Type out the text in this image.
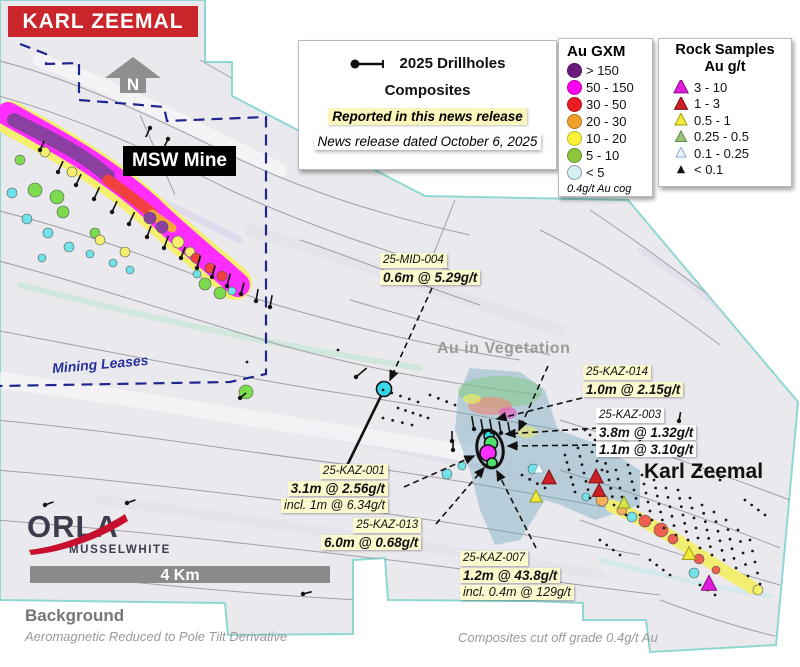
N
4 Km
KARL ZEEMAL
2025 Drillholes
Composites
Reported in this news release
News release dated October 6, 2025
Au GXM
> 150
50 - 150
30 - 50
20 - 30
10 - 20
5 - 10
< 5
0.4g/t Au cog
Rock Samples
Au g/t
3 - 10
1 - 3
0.5 - 1
0.25 - 0.5
0.1 - 0.25
< 0.1
MSW Mine
Karl Zeemal
Au in Vegetation
Mining Leases
25-MID-004
0.6m @ 5.29g/t
25-KAZ-014
1.0m @ 2.15g/t
25-KAZ-003
3.8m @ 1.32g/t
1.1m @ 3.10g/t
25-KAZ-001
3.1m @ 2.56g/t
incl. 1m @ 6.34g/t
25-KAZ-013
6.0m @ 0.68g/t
25-KAZ-007
1.2m @ 43.8g/t
incl. 0.4m @ 129g/t
ORLA
MUSSELWHITE
Background
Aeromagnetic Reduced to Pole Tilt Derivative	Composites cut off grade 0.4g/t Au
